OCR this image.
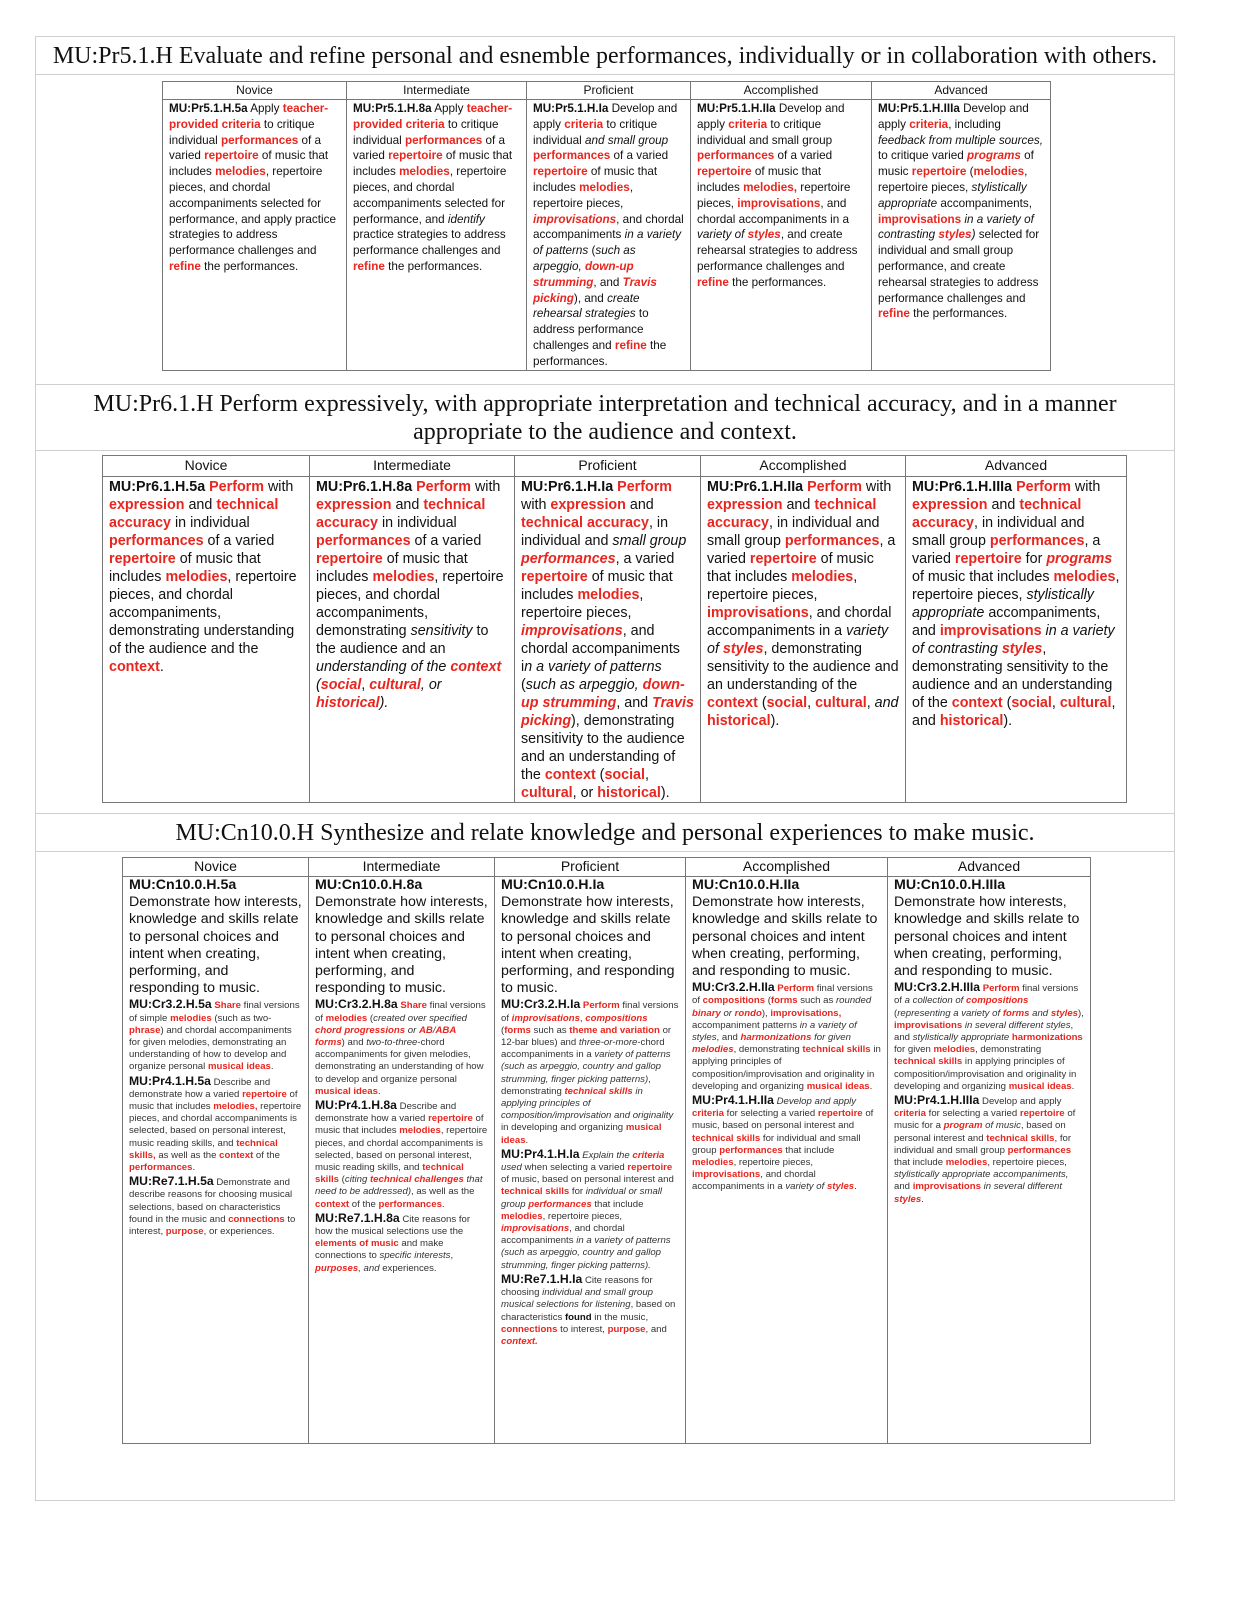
MU:Pr5.1.H Evaluate and refine personal and esnemble performances, individually or in collaboration with others.
Novice	Intermediate	Proficient	Accomplished	Advanced
MU:Pr5.1.H.5a Apply teacher-provided criteria to critique individual performances of a varied repertoire of music that includes melodies, repertoire pieces, and chordal accompaniments selected for performance, and apply practice strategies to address performance challenges and refine the performances.	MU:Pr5.1.H.8a Apply teacher-provided criteria to critique individual performances of a varied repertoire of music that includes melodies, repertoire pieces, and chordal accompaniments selected for performance, and identify practice strategies to address performance challenges and refine the performances.	MU:Pr5.1.H.Ia Develop and apply criteria to critique individual and small group performances of a varied repertoire of music that includes melodies, repertoire pieces, improvisations, and chordal accompaniments in a variety of patterns (such as arpeggio, down-up strumming, and Travis picking), and create rehearsal strategies to address performance challenges and refine the performances.	MU:Pr5.1.H.IIa Develop and apply criteria to critique individual and small group performances of a varied repertoire of music that includes melodies, repertoire pieces, improvisations, and chordal accompaniments in a variety of styles, and create rehearsal strategies to address performance challenges and refine the performances.	MU:Pr5.1.H.IIIa Develop and apply criteria, including feedback from multiple sources, to critique varied programs of music repertoire (melodies, repertoire pieces, stylistically appropriate accompaniments, improvisations in a variety of contrasting styles) selected for individual and small group performance, and create rehearsal strategies to address performance challenges and refine the performances.
MU:Pr6.1.H Perform expressively, with appropriate interpretation and technical accuracy, and in a manner appropriate to the audience and context.
Novice	Intermediate	Proficient	Accomplished	Advanced
MU:Pr6.1.H.5a Perform with expression and technical accuracy in individual performances of a varied repertoire of music that includes melodies, repertoire pieces, and chordal accompaniments, demonstrating understanding of the audience and the context.	MU:Pr6.1.H.8a Perform with expression and technical accuracy in individual performances of a varied repertoire of music that includes melodies, repertoire pieces, and chordal accompaniments, demonstrating sensitivity to the audience and an understanding of the context (social, cultural, or historical).	MU:Pr6.1.H.Ia Perform with expression and technical accuracy, in individual and small group performances, a varied repertoire of music that includes melodies, repertoire pieces, improvisations, and chordal accompaniments in a variety of patterns (such as arpeggio, down-up strumming, and Travis picking), demonstrating sensitivity to the audience and an understanding of the context (social, cultural, or historical).	MU:Pr6.1.H.IIa Perform with expression and technical accuracy, in individual and small group performances, a varied repertoire of music that includes melodies, repertoire pieces, improvisations, and chordal accompaniments in a variety of styles, demonstrating sensitivity to the audience and an understanding of the context (social, cultural, and historical).	MU:Pr6.1.H.IIIa Perform with expression and technical accuracy, in individual and small group performances, a varied repertoire for programs of music that includes melodies, repertoire pieces, stylistically appropriate accompaniments, and improvisations in a variety of contrasting styles, demonstrating sensitivity to the audience and an understanding of the context (social, cultural, and historical).
MU:Cn10.0.H Synthesize and relate knowledge and personal experiences to make music.
Novice	Intermediate	Proficient	Accomplished	Advanced

MU:Cn10.0.H.5a Demonstrate how interests, knowledge and skills relate to personal choices and intent when creating, performing, and responding to music.
MU:Cr3.2.H.5a Share final versions of simple melodies (such as two-phrase) and chordal accompaniments for given melodies, demonstrating an understanding of how to develop and organize personal musical ideas.
MU:Pr4.1.H.5a Describe and demonstrate how a varied repertoire of music that includes melodies, repertoire pieces, and chordal accompaniments is selected, based on personal interest, music reading skills, and technical skills, as well as the context of the performances.
MU:Re7.1.H.5a Demonstrate and describe reasons for choosing musical selections, based on characteristics found in the music and connections to interest, purpose, or experiences.

MU:Cn10.0.H.8a
Demonstrate how interests, knowledge and skills relate to personal choices and intent when creating, performing, and responding to music.
MU:Cr3.2.H.8a Share final versions of melodies (created over specified chord progressions or AB/ABA forms) and two-to-three-chord accompaniments for given melodies, demonstrating an understanding of how to develop and organize personal musical ideas.
MU:Pr4.1.H.8a Describe and demonstrate how a varied repertoire of music that includes melodies, repertoire pieces, and chordal accompaniments is selected, based on personal interest, music reading skills, and technical skills (citing technical challenges that need to be addressed), as well as the context of the performances.
MU:Re7.1.H.8a Cite reasons for how the musical selections use the elements of music and make connections to specific interests, purposes, and experiences.

MU:Cn10.0.H.Ia Demonstrate how interests, knowledge and skills relate to personal choices and intent when creating, performing, and responding to music.
MU:Cr3.2.H.Ia Perform final versions of improvisations, compositions (forms such as theme and variation or 12-bar blues) and three-or-more-chord accompaniments in a variety of patterns (such as arpeggio, country and gallop strumming, finger picking patterns), demonstrating technical skills in applying principles of composition/improvisation and originality in developing and organizing musical ideas.
MU:Pr4.1.H.Ia Explain the criteria used when selecting a varied repertoire of music, based on personal interest and technical skills for individual or small group performances that include melodies, repertoire pieces, improvisations, and chordal accompaniments in a variety of patterns (such as arpeggio, country and gallop strumming, finger picking patterns).
MU:Re7.1.H.Ia Cite reasons for choosing individual and small group musical selections for listening, based on characteristics found in the music, connections to interest, purpose, and context.

MU:Cn10.0.H.IIa Demonstrate how interests, knowledge and skills relate to personal choices and intent when creating, performing, and responding to music.
MU:Cr3.2.H.IIa Perform final versions of compositions (forms such as rounded binary or rondo), improvisations, accompaniment patterns in a variety of styles, and harmonizations for given melodies, demonstrating technical skills in applying principles of composition/improvisation and originality in developing and organizing musical ideas.
MU:Pr4.1.H.IIa Develop and apply criteria for selecting a varied repertoire of music, based on personal interest and technical skills for individual and small group performances that include melodies, repertoire pieces, improvisations, and chordal accompaniments in a variety of styles.

MU:Cn10.0.H.IIIa Demonstrate how interests, knowledge and skills relate to personal choices and intent when creating, performing, and responding to music.
MU:Cr3.2.H.IIIa Perform final versions of a collection of compositions (representing a variety of forms and styles), improvisations in several different styles, and stylistically appropriate harmonizations for given melodies, demonstrating technical skills in applying principles of composition/improvisation and originality in developing and organizing musical ideas.
MU:Pr4.1.H.IIIa Develop and apply criteria for selecting a varied repertoire of music for a program of music, based on personal interest and technical skills, for individual and small group performances that include melodies, repertoire pieces, stylistically appropriate accompaniments, and improvisations in several different styles.
